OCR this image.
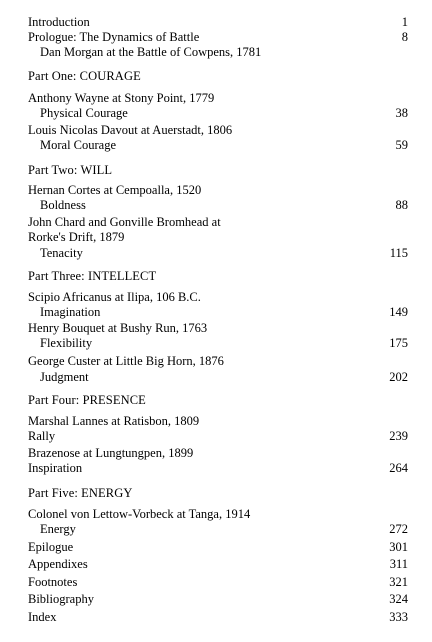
Introduction	1
Prologue: The Dynamics of Battle	8
Dan Morgan at the Battle of Cowpens, 1781
Part One: COURAGE
Anthony Wayne at Stony Point, 1779
Physical Courage	38
Louis Nicolas Davout at Auerstadt, 1806
Moral Courage	59
Part Two: WILL
Hernan Cortes at Cempoalla, 1520
Boldness	88
John Chard and Gonville Bromhead at
Rorke's Drift, 1879
Tenacity	115
Part Three: INTELLECT
Scipio Africanus at Ilipa, 106 B.C.
Imagination	149
Henry Bouquet at Bushy Run, 1763
Flexibility	175
George Custer at Little Big Horn, 1876
Judgment	202
Part Four: PRESENCE
Marshal Lannes at Ratisbon, 1809
Rally	239
Brazenose at Lungtungpen, 1899
Inspiration	264
Part Five: ENERGY
Colonel von Lettow-Vorbeck at Tanga, 1914
Energy	272
Epilogue	301
Appendixes	311
Footnotes	321
Bibliography	324
Index	333
